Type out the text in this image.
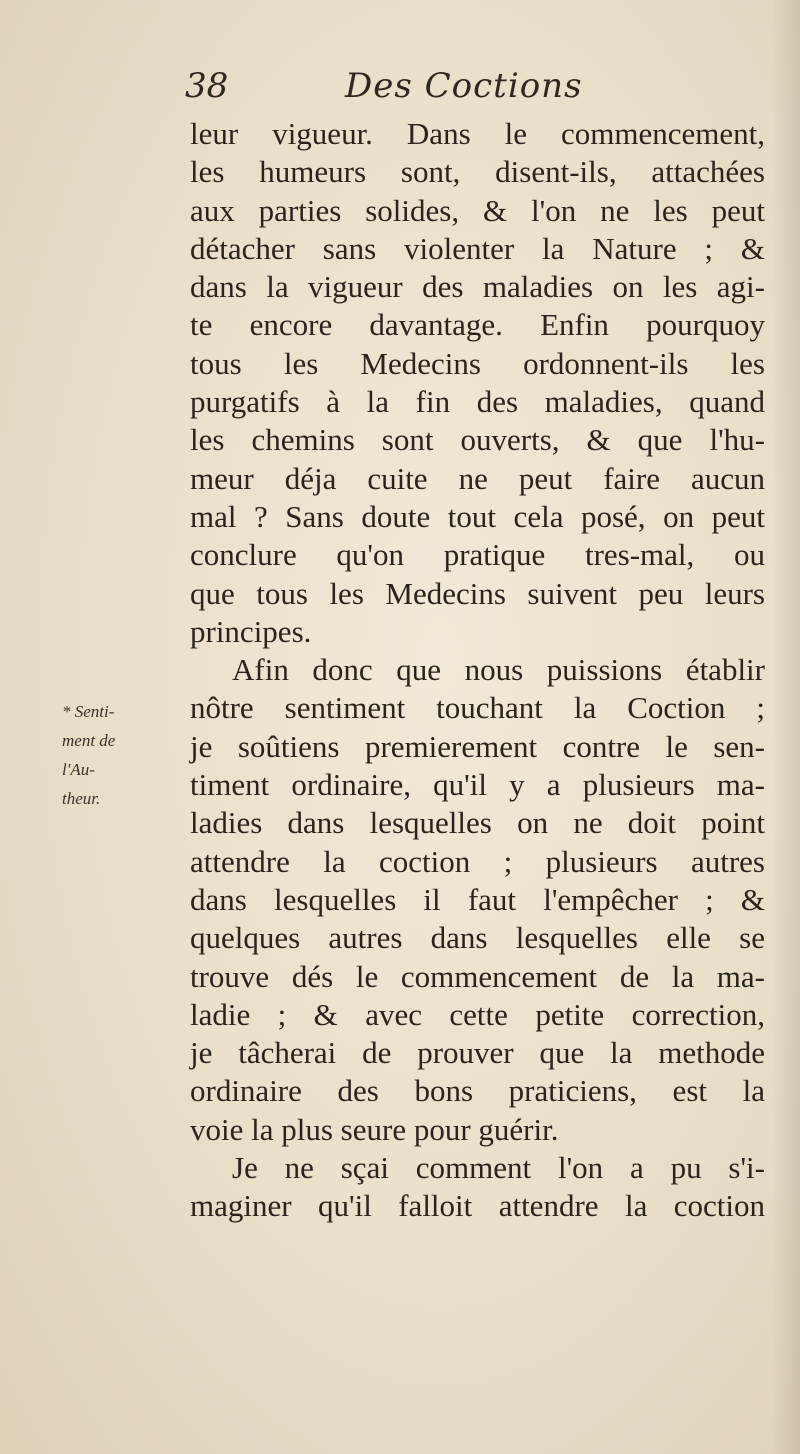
38	Des Coctions
* Senti-
ment de
l'Au-
theur.
leur vigueur. Dans le commencement,
les humeurs sont, disent-ils, attachées
aux parties solides, & l'on ne les peut
détacher sans violenter la Nature ; &
dans la vigueur des maladies on les agi-
te encore davantage. Enfin pourquoy
tous les Medecins ordonnent-ils les
purgatifs à la fin des maladies, quand
les chemins sont ouverts, & que l'hu-
meur déja cuite ne peut faire aucun
mal ? Sans doute tout cela posé, on peut
conclure qu'on pratique tres-mal, ou
que tous les Medecins suivent peu leurs
principes.
Afin donc que nous puissions établir
nôtre sentiment touchant la Coction ;
je soûtiens premierement contre le sen-
timent ordinaire, qu'il y a plusieurs ma-
ladies dans lesquelles on ne doit point
attendre la coction ; plusieurs autres
dans lesquelles il faut l'empêcher ; &
quelques autres dans lesquelles elle se
trouve dés le commencement de la ma-
ladie ; & avec cette petite correction,
je tâcherai de prouver que la methode
ordinaire des bons praticiens, est la
voie la plus seure pour guérir.
Je ne sçai comment l'on a pu s'i-
maginer qu'il falloit attendre la coction
